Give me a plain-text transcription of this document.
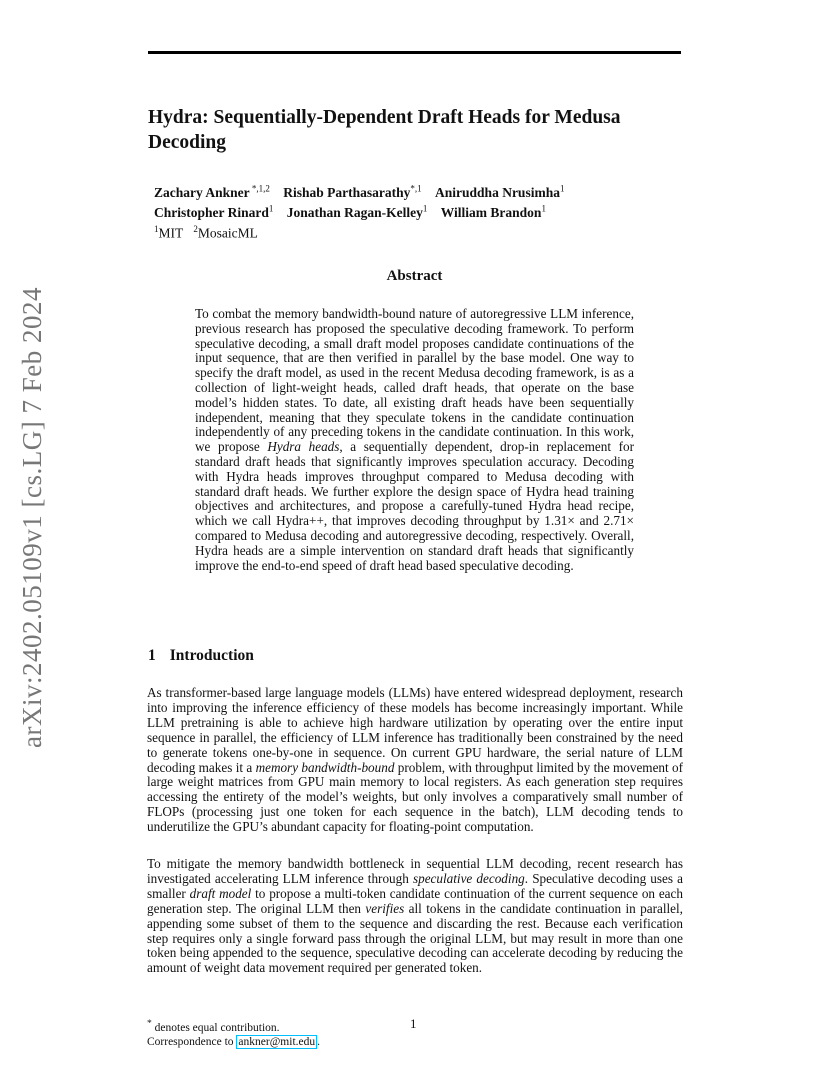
arXiv:2402.05109v1 [cs.LG] 7 Feb 2024
Hydra: Sequentially-Dependent Draft Heads for Medusa Decoding
Zachary Ankner $^{*,1,2}$ Rishab Parthasarathy$^{*,1}$ Aniruddha Nrusimha$^1$
Christopher Rinard$^1$ Jonathan Ragan-Kelley$^1$ William Brandon$^1$
$^1$MIT $^2$MosaicML
Abstract

To combat the memory bandwidth-bound nature of autoregressive LLM inference, previous research has proposed the speculative decoding framework. To perform speculative decoding, a small draft model proposes candidate continuations of the input sequence, that are then verified in parallel by the base model. One way to specify the draft model, as used in the recent Medusa decoding framework, is as a collection of light-weight heads, called draft heads, that operate on the base model’s hidden states. To date, all existing draft heads have been sequentially independent, meaning that they speculate tokens in the candidate continuation independently of any preceding tokens in the candidate continuation. In this work, we propose Hydra heads, a sequentially dependent, drop-in replacement for standard draft heads that significantly improves speculation accuracy. Decoding with Hydra heads improves throughput compared to Medusa decoding with standard draft heads. We further explore the design space of Hydra head training objectives and architectures, and propose a carefully-tuned Hydra head recipe, which we call Hydra++, that improves decoding throughput by 1.31× and 2.71× compared to Medusa decoding and autoregressive decoding, respectively. Overall, Hydra heads are a simple intervention on standard draft heads that significantly improve the end-to-end speed of draft head based speculative decoding.

1 Introduction

As transformer-based large language models (LLMs) have entered widespread deployment, research into improving the inference efficiency of these models has become increasingly important. While LLM pretraining is able to achieve high hardware utilization by operating over the entire input sequence in parallel, the efficiency of LLM inference has traditionally been constrained by the need to generate tokens one-by-one in sequence. On current GPU hardware, the serial nature of LLM decoding makes it a memory bandwidth-bound problem, with throughput limited by the movement of large weight matrices from GPU main memory to local registers. As each generation step requires accessing the entirety of the model’s weights, but only involves a comparatively small number of FLOPs (processing just one token for each sequence in the batch), LLM decoding tends to underutilize the GPU’s abundant capacity for floating-point computation.

To mitigate the memory bandwidth bottleneck in sequential LLM decoding, recent research has investigated accelerating LLM inference through speculative decoding. Speculative decoding uses a smaller draft model to propose a multi-token candidate continuation of the current sequence on each generation step. The original LLM then verifies all tokens in the candidate continuation in parallel, appending some subset of them to the sequence and discarding the rest. Because each verification step requires only a single forward pass through the original LLM, but may result in more than one token being appended to the sequence, speculative decoding can accelerate decoding by reducing the amount of weight data movement required per generated token.

* denotes equal contribution.
Correspondence to ankner@mit.edu .
1
